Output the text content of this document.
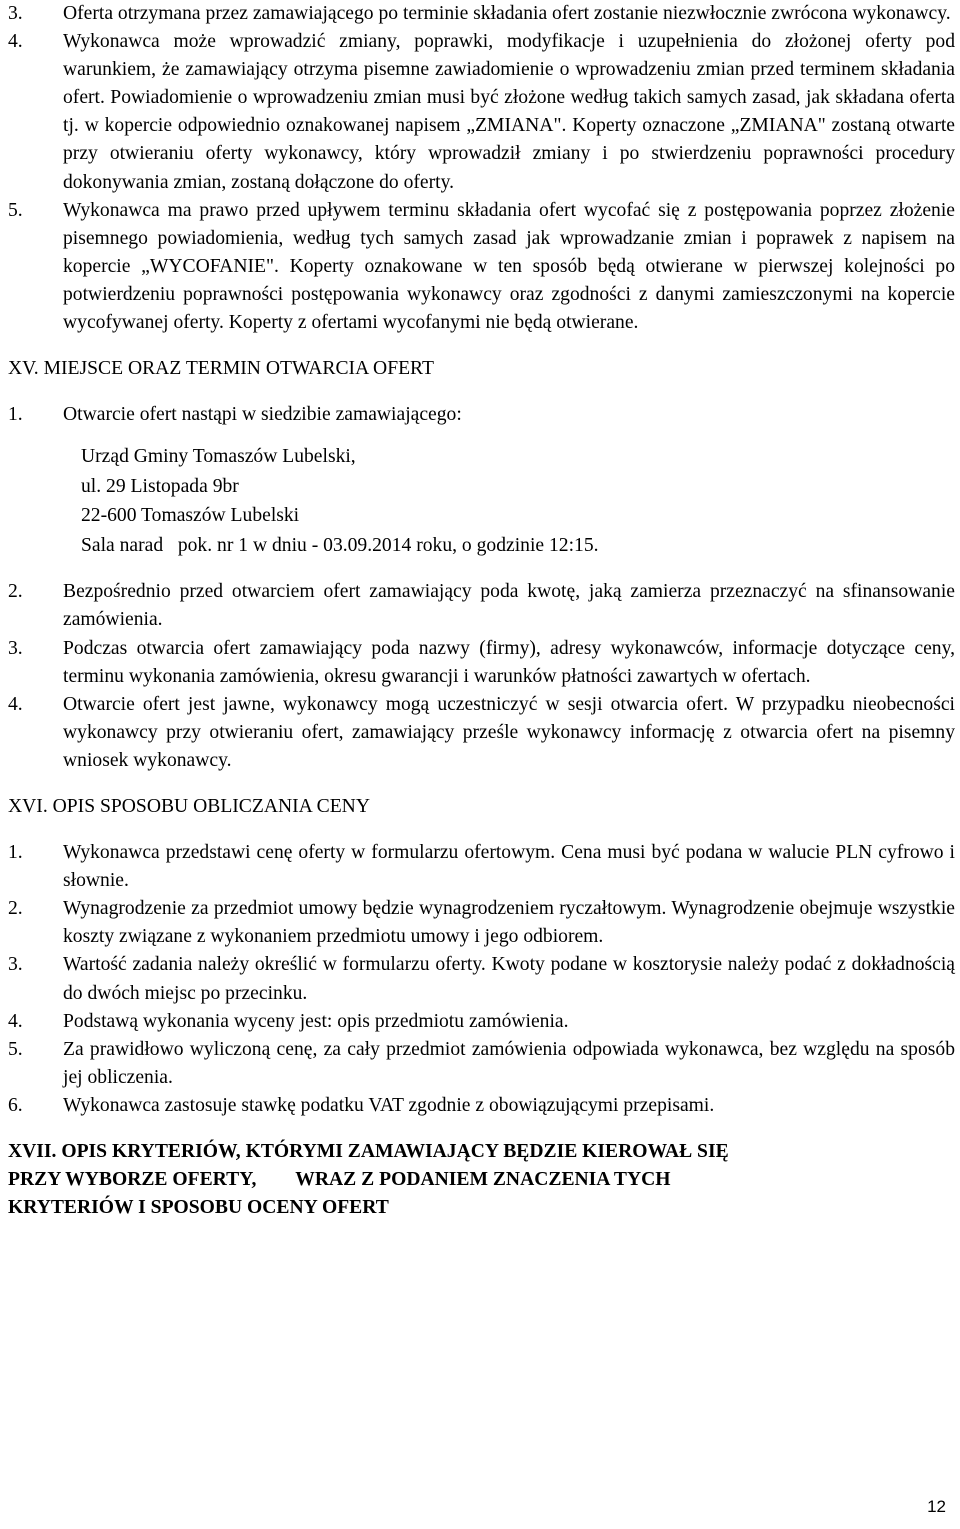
3. Oferta otrzymana przez zamawiającego po terminie składania ofert zostanie niezwłocznie zwrócona wykonawcy.
4. Wykonawca może wprowadzić zmiany, poprawki, modyfikacje i uzupełnienia do złożonej oferty pod warunkiem, że zamawiający otrzyma pisemne zawiadomienie o wprowadzeniu zmian przed terminem składania ofert. Powiadomienie o wprowadzeniu zmian musi być złożone według takich samych zasad, jak składana oferta tj. w kopercie odpowiednio oznakowanej napisem „ZMIANA". Koperty oznaczone „ZMIANA" zostaną otwarte przy otwieraniu oferty wykonawcy, który wprowadził zmiany i po stwierdzeniu poprawności procedury dokonywania zmian, zostaną dołączone do oferty.
5. Wykonawca ma prawo przed upływem terminu składania ofert wycofać się z postępowania poprzez złożenie pisemnego powiadomienia, według tych samych zasad jak wprowadzanie zmian i poprawek z napisem na kopercie „WYCOFANIE". Koperty oznakowane w ten sposób będą otwierane w pierwszej kolejności po potwierdzeniu poprawności postępowania wykonawcy oraz zgodności z danymi zamieszczonymi na kopercie wycofywanej oferty. Koperty z ofertami wycofanymi nie będą otwierane.
XV. MIEJSCE ORAZ TERMIN OTWARCIA OFERT
1. Otwarcie ofert nastąpi w siedzibie zamawiającego:
Urząd Gminy Tomaszów Lubelski,
ul. 29 Listopada 9br
22-600 Tomaszów Lubelski
Sala narad   pok. nr 1 w dniu - 03.09.2014 roku, o godzinie 12:15.
2. Bezpośrednio przed otwarciem ofert zamawiający poda kwotę, jaką zamierza przeznaczyć na sfinansowanie zamówienia.
3. Podczas otwarcia ofert zamawiający poda nazwy (firmy), adresy wykonawców, informacje dotyczące ceny, terminu wykonania zamówienia, okresu gwarancji i warunków płatności zawartych w ofertach.
4. Otwarcie ofert jest jawne, wykonawcy mogą uczestniczyć w sesji otwarcia ofert. W przypadku nieobecności wykonawcy przy otwieraniu ofert, zamawiający prześle wykonawcy informację z otwarcia ofert na pisemny wniosek wykonawcy.
XVI. OPIS SPOSOBU OBLICZANIA CENY
1. Wykonawca przedstawi cenę oferty w formularzu ofertowym. Cena musi być podana w walucie PLN cyfrowo i słownie.
2. Wynagrodzenie za przedmiot umowy będzie wynagrodzeniem ryczałtowym. Wynagrodzenie obejmuje wszystkie koszty związane z wykonaniem przedmiotu umowy i jego odbiorem.
3. Wartość zadania należy określić w formularzu oferty. Kwoty podane w kosztorysie należy podać z dokładnością do dwóch miejsc po przecinku.
4. Podstawą wykonania wyceny jest: opis przedmiotu zamówienia.
5. Za prawidłowo wyliczoną cenę, za cały przedmiot zamówienia odpowiada wykonawca, bez względu na sposób jej obliczenia.
6. Wykonawca zastosuje stawkę podatku VAT zgodnie z obowiązującymi przepisami.
XVII. OPIS KRYTERIÓW, KTÓRYMI ZAMAWIAJĄCY BĘDZIE KIEROWAŁ SIĘ
PRZY WYBORZE OFERTY,        WRAZ Z PODANIEM ZNACZENIA TYCH
KRYTERIÓW I SPOSOBU OCENY OFERT
12
